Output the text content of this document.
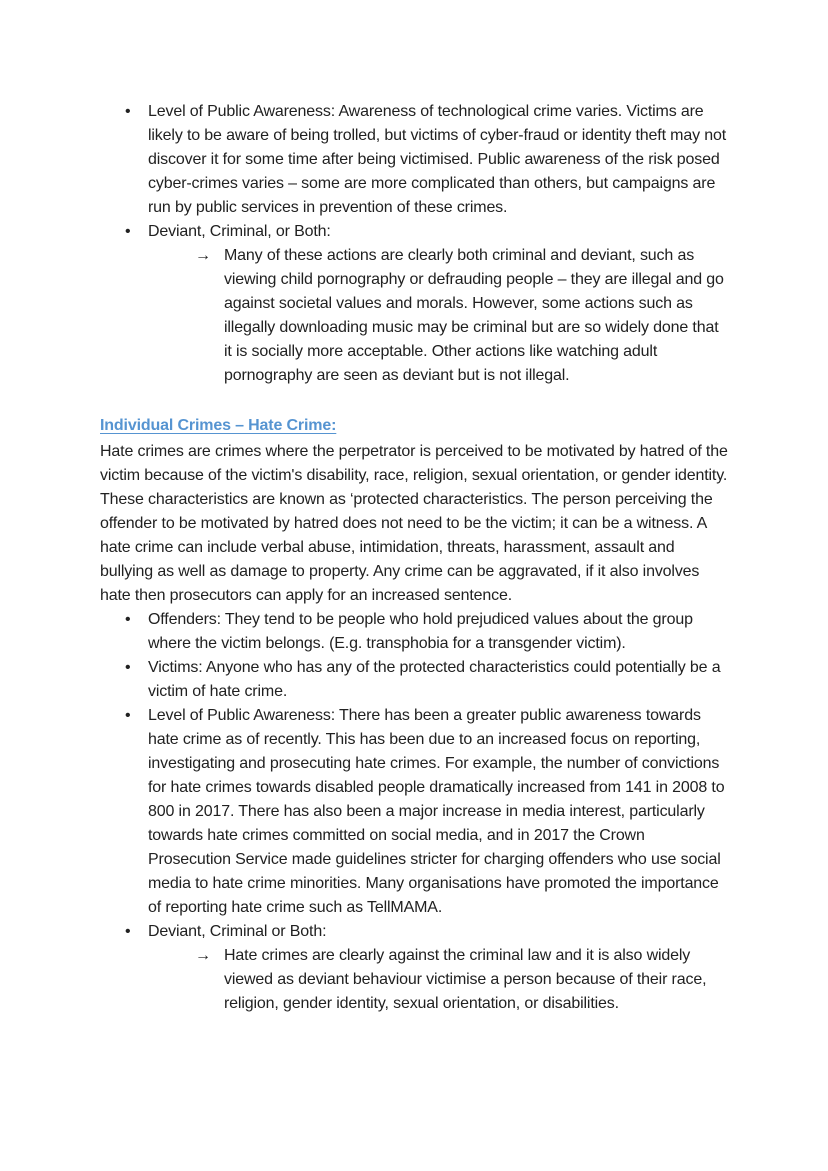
•	Level of Public Awareness: Awareness of technological crime varies. Victims are likely to be aware of being trolled, but victims of cyber-fraud or identity theft may not discover it for some time after being victimised. Public awareness of the risk posed cyber-crimes varies – some are more complicated than others, but campaigns are run by public services in prevention of these crimes.
•	Deviant, Criminal, or Both:
→ Many of these actions are clearly both criminal and deviant, such as viewing child pornography or defrauding people – they are illegal and go against societal values and morals. However, some actions such as illegally downloading music may be criminal but are so widely done that it is socially more acceptable. Other actions like watching adult pornography are seen as deviant but is not illegal.
Individual Crimes – Hate Crime:

Hate crimes are crimes where the perpetrator is perceived to be motivated by hatred of the victim because of the victim's disability, race, religion, sexual orientation, or gender identity. These characteristics are known as ‘protected characteristics. The person perceiving the offender to be motivated by hatred does not need to be the victim; it can be a witness. A hate crime can include verbal abuse, intimidation, threats, harassment, assault and bullying as well as damage to property. Any crime can be aggravated, if it also involves hate then prosecutors can apply for an increased sentence.

•	Offenders: They tend to be people who hold prejudiced values about the group where the victim belongs. (E.g. transphobia for a transgender victim).
•	Victims: Anyone who has any of the protected characteristics could potentially be a victim of hate crime.
•	Level of Public Awareness: There has been a greater public awareness towards hate crime as of recently. This has been due to an increased focus on reporting, investigating and prosecuting hate crimes. For example, the number of convictions for hate crimes towards disabled people dramatically increased from 141 in 2008 to 800 in 2017. There has also been a major increase in media interest, particularly towards hate crimes committed on social media, and in 2017 the Crown Prosecution Service made guidelines stricter for charging offenders who use social media to hate crime minorities. Many organisations have promoted the importance of reporting hate crime such as TellMAMA.
•	Deviant, Criminal or Both:
→ Hate crimes are clearly against the criminal law and it is also widely viewed as deviant behaviour victimise a person because of their race, religion, gender identity, sexual orientation, or disabilities.
